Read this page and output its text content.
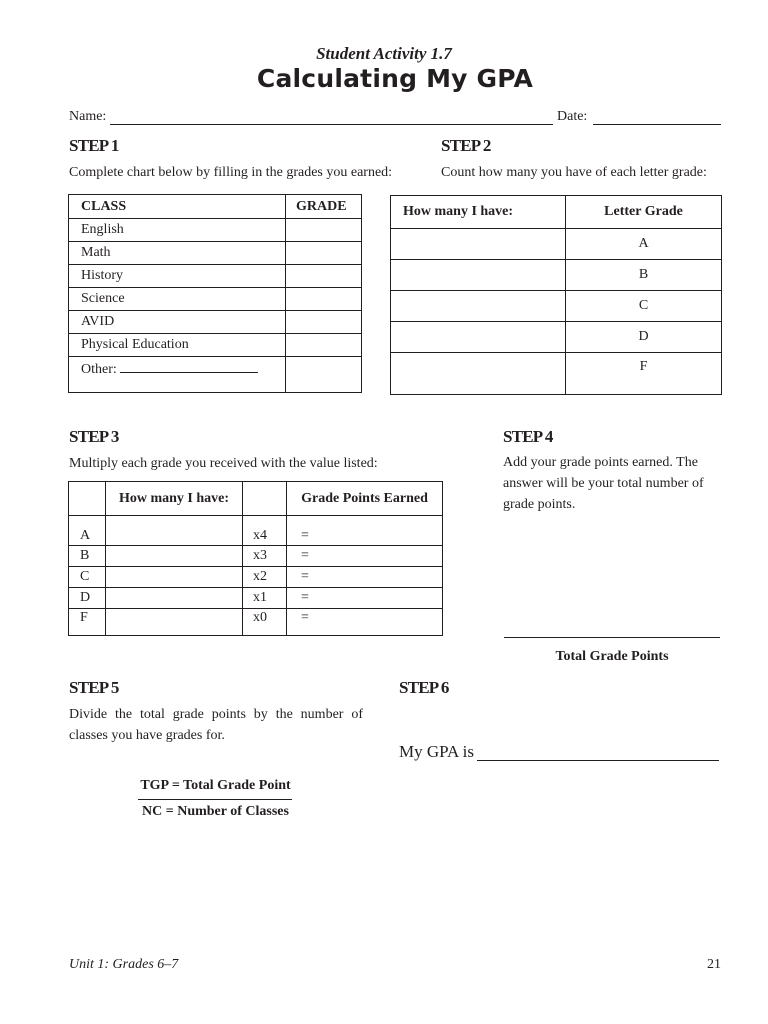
Student Activity 1.7
Calculating My GPA
Name:	Date:
STEP 1
Complete chart below by filling in the grades you earned:
CLASS	GRADE
English	
Math	
History	
Science	
AVID	
Physical Education	
Other:	
STEP 2
Count how many you have of each letter grade:
How many I have:	Letter Grade
	A
	B
	C
	D
	F
STEP 3
Multiply each grade you received with the value listed:
	How many I have:		Grade Points Earned
A		x4	=
B		x3	=
C		x2	=
D		x1	=
F		x0	=
STEP 4
Add your grade points earned. The answer will be your total number of grade points.
Total Grade Points
STEP 5
Divide the total grade points by the number of classes you have grades for.
TGP = Total Grade Point
NC = Number of Classes
STEP 6
My GPA is
Unit 1: Grades 6–7	21
